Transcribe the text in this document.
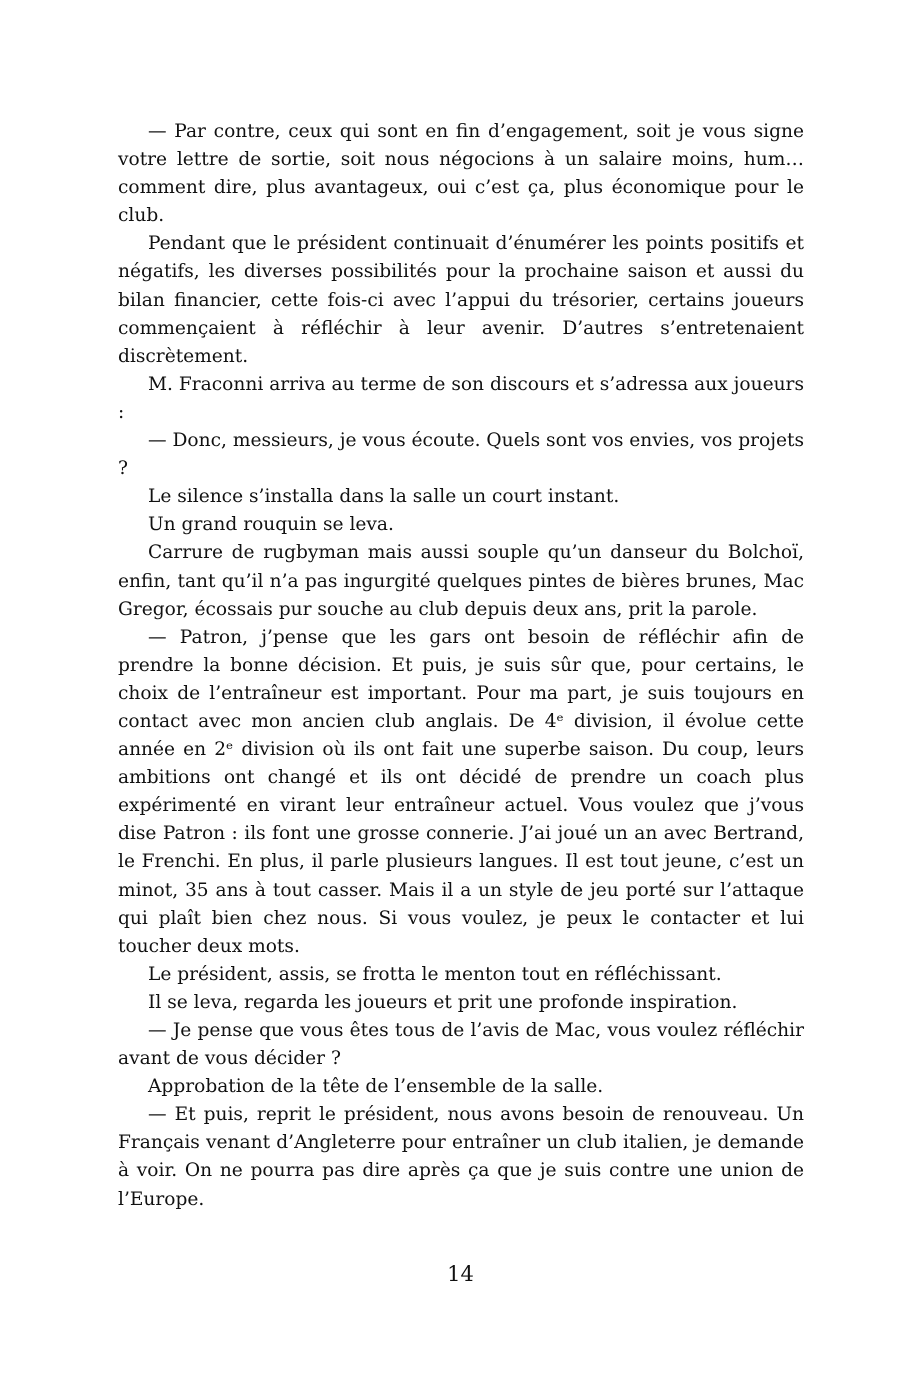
— Par contre, ceux qui sont en fin d’engagement, soit je vous signe votre lettre de sortie, soit nous négocions à un salaire moins, hum… comment dire, plus avantageux, oui c’est ça, plus économique pour le club.

Pendant que le président continuait d’énumérer les points positifs et négatifs, les diverses possibilités pour la prochaine saison et aussi du bilan financier, cette fois-ci avec l’appui du trésorier, certains joueurs commençaient à réfléchir à leur avenir. D’autres s’entretenaient discrètement.

M. Fraconni arriva au terme de son discours et s’adressa aux joueurs :

— Donc, messieurs, je vous écoute. Quels sont vos envies, vos projets ?

Le silence s’installa dans la salle un court instant.

Un grand rouquin se leva.

Carrure de rugbyman mais aussi souple qu’un danseur du Bolchoï, enfin, tant qu’il n’a pas ingurgité quelques pintes de bières brunes, Mac Gregor, écossais pur souche au club depuis deux ans, prit la parole.

— Patron, j’pense que les gars ont besoin de réfléchir afin de prendre la bonne décision. Et puis, je suis sûr que, pour certains, le choix de l’entraîneur est important. Pour ma part, je suis toujours en contact avec mon ancien club anglais. De 4ᵉ division, il évolue cette année en 2ᵉ division où ils ont fait une superbe saison. Du coup, leurs ambitions ont changé et ils ont décidé de prendre un coach plus expérimenté en virant leur entraîneur actuel. Vous voulez que j’vous dise Patron : ils font une grosse connerie. J’ai joué un an avec Bertrand, le Frenchi. En plus, il parle plusieurs langues. Il est tout jeune, c’est un minot, 35 ans à tout casser. Mais il a un style de jeu porté sur l’attaque qui plaît bien chez nous. Si vous voulez, je peux le contacter et lui toucher deux mots.

Le président, assis, se frotta le menton tout en réfléchissant.

Il se leva, regarda les joueurs et prit une profonde inspiration.

— Je pense que vous êtes tous de l’avis de Mac, vous voulez réfléchir avant de vous décider ?

Approbation de la tête de l’ensemble de la salle.

— Et puis, reprit le président, nous avons besoin de renouveau. Un Français venant d’Angleterre pour entraîner un club italien, je demande à voir. On ne pourra pas dire après ça que je suis contre une union de l’Europe.

14
